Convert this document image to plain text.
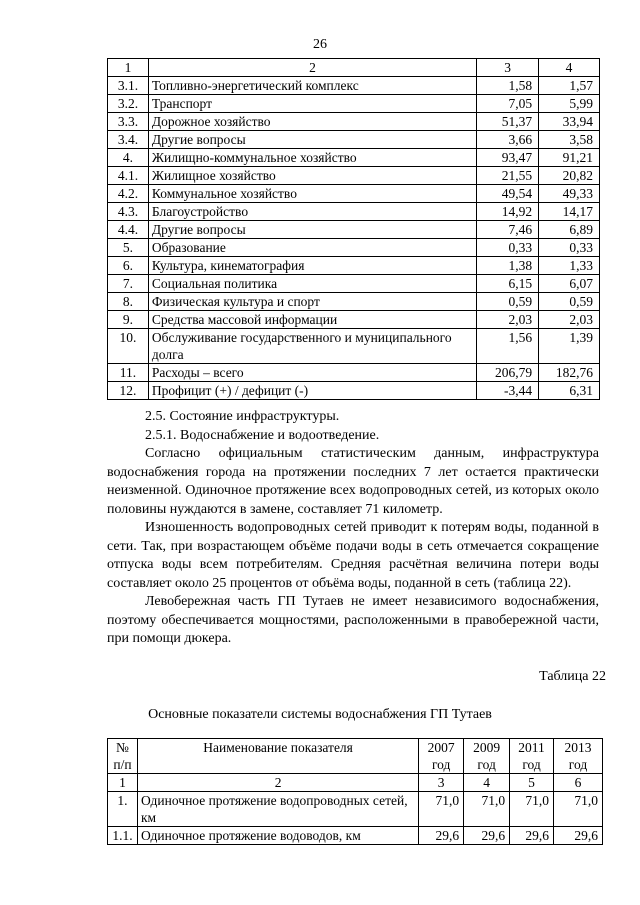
26
1	2	3	4
3.1.	Топливно-энергетический комплекс	1,58	1,57
3.2.	Транспорт	7,05	5,99
3.3.	Дорожное хозяйство	51,37	33,94
3.4.	Другие вопросы	3,66	3,58
4.	Жилищно-коммунальное хозяйство	93,47	91,21
4.1.	Жилищное хозяйство	21,55	20,82
4.2.	Коммунальное хозяйство	49,54	49,33
4.3.	Благоустройство	14,92	14,17
4.4.	Другие вопросы	7,46	6,89
5.	Образование	0,33	0,33
6.	Культура, кинематография	1,38	1,33
7.	Социальная политика	6,15	6,07
8.	Физическая культура и спорт	0,59	0,59
9.	Средства массовой информации	2,03	2,03
10.	Обслуживание государственного и муниципального долга	1,56	1,39
11.	Расходы – всего	206,79	182,76
12.	Профицит (+) / дефицит (-)	-3,44	6,31
2.5. Состояние инфраструктуры.
2.5.1. Водоснабжение и водоотведение.
Согласно официальным статистическим данным, инфраструктура водоснабжения города на протяжении последних 7 лет остается практически неизменной. Одиночное протяжение всех водопроводных сетей, из которых около половины нуждаются в замене, составляет 71 километр.
Изношенность водопроводных сетей приводит к потерям воды, поданной в сети. Так, при возрастающем объёме подачи воды в сеть отмечается сокращение отпуска воды всем потребителям. Средняя расчётная величина потери воды составляет около 25 процентов от объёма воды, поданной в сеть (таблица 22).
Левобережная часть ГП Тутаев не имеет независимого водоснабжения, поэтому обеспечивается мощностями, расположенными в правобережной части, при помощи дюкера.
Таблица 22
Основные показатели системы водоснабжения ГП Тутаев
№ п/п	Наименование показателя	2007 год	2009 год	2011 год	2013 год
1	2	3	4	5	6
1.	Одиночное протяжение водопроводных сетей, км	71,0	71,0	71,0	71,0
1.1.	Одиночное протяжение водоводов, км	29,6	29,6	29,6	29,6
